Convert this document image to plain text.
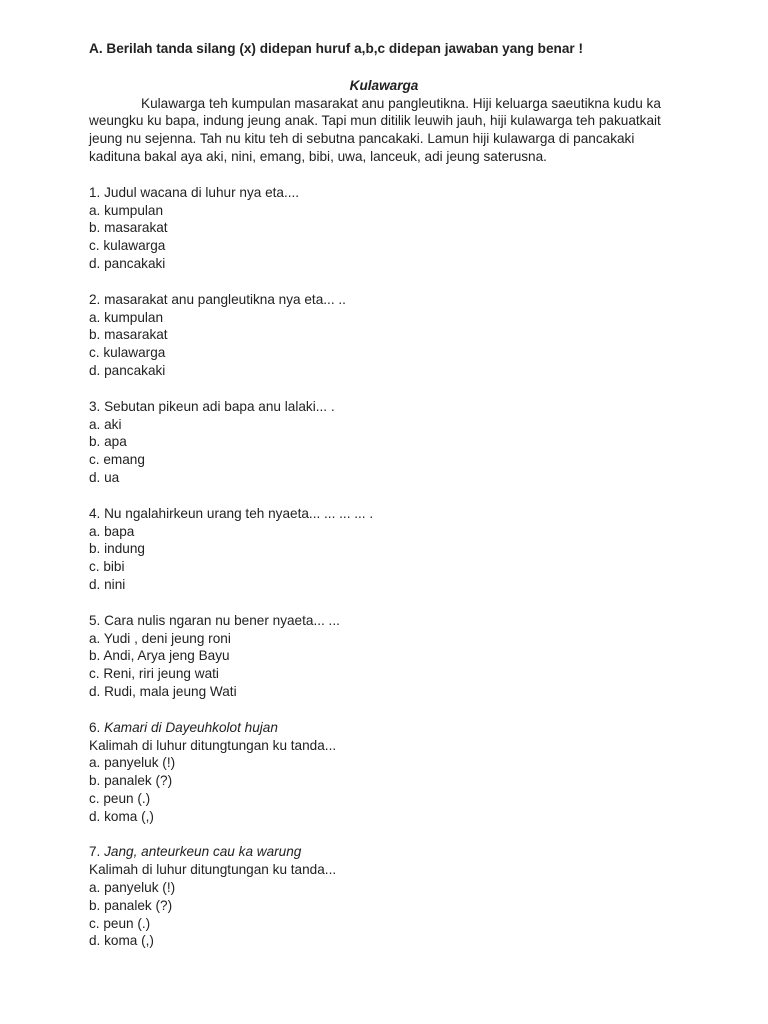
A. Berilah tanda silang (x) didepan huruf a,b,c didepan jawaban yang benar !
Kulawarga

Kulawarga teh kumpulan masarakat anu pangleutikna. Hiji keluarga saeutikna kudu ka weungku ku bapa, indung jeung anak. Tapi mun ditilik leuwih jauh, hiji kulawarga teh pakuatkait jeung nu sejenna. Tah nu kitu teh di sebutna pancakaki. Lamun hiji kulawarga di pancakaki kadituna bakal aya aki, nini, emang, bibi, uwa, lanceuk, adi jeung saterusna.

1. Judul wacana di luhur nya eta....
a. kumpulan
b. masarakat
c. kulawarga
d. pancakaki
2. masarakat anu pangleutikna nya eta... ..
a. kumpulan
b. masarakat
c. kulawarga
d. pancakaki
3. Sebutan pikeun adi bapa anu lalaki... .
a. aki
b. apa
c. emang
d. ua
4. Nu ngalahirkeun urang teh nyaeta... ... ... ... .
a. bapa
b. indung
c. bibi
d. nini
5. Cara nulis ngaran nu bener nyaeta... ...
a. Yudi , deni jeung roni
b. Andi, Arya jeng Bayu
c. Reni, riri jeung wati
d. Rudi, mala jeung Wati
6. Kamari di Dayeuhkolot hujan
Kalimah di luhur ditungtungan ku tanda...
a. panyeluk (!)
b. panalek (?)
c. peun (.)
d. koma (,)
7. Jang, anteurkeun cau ka warung
Kalimah di luhur ditungtungan ku tanda...
a. panyeluk (!)
b. panalek (?)
c. peun (.)
d. koma (,)
